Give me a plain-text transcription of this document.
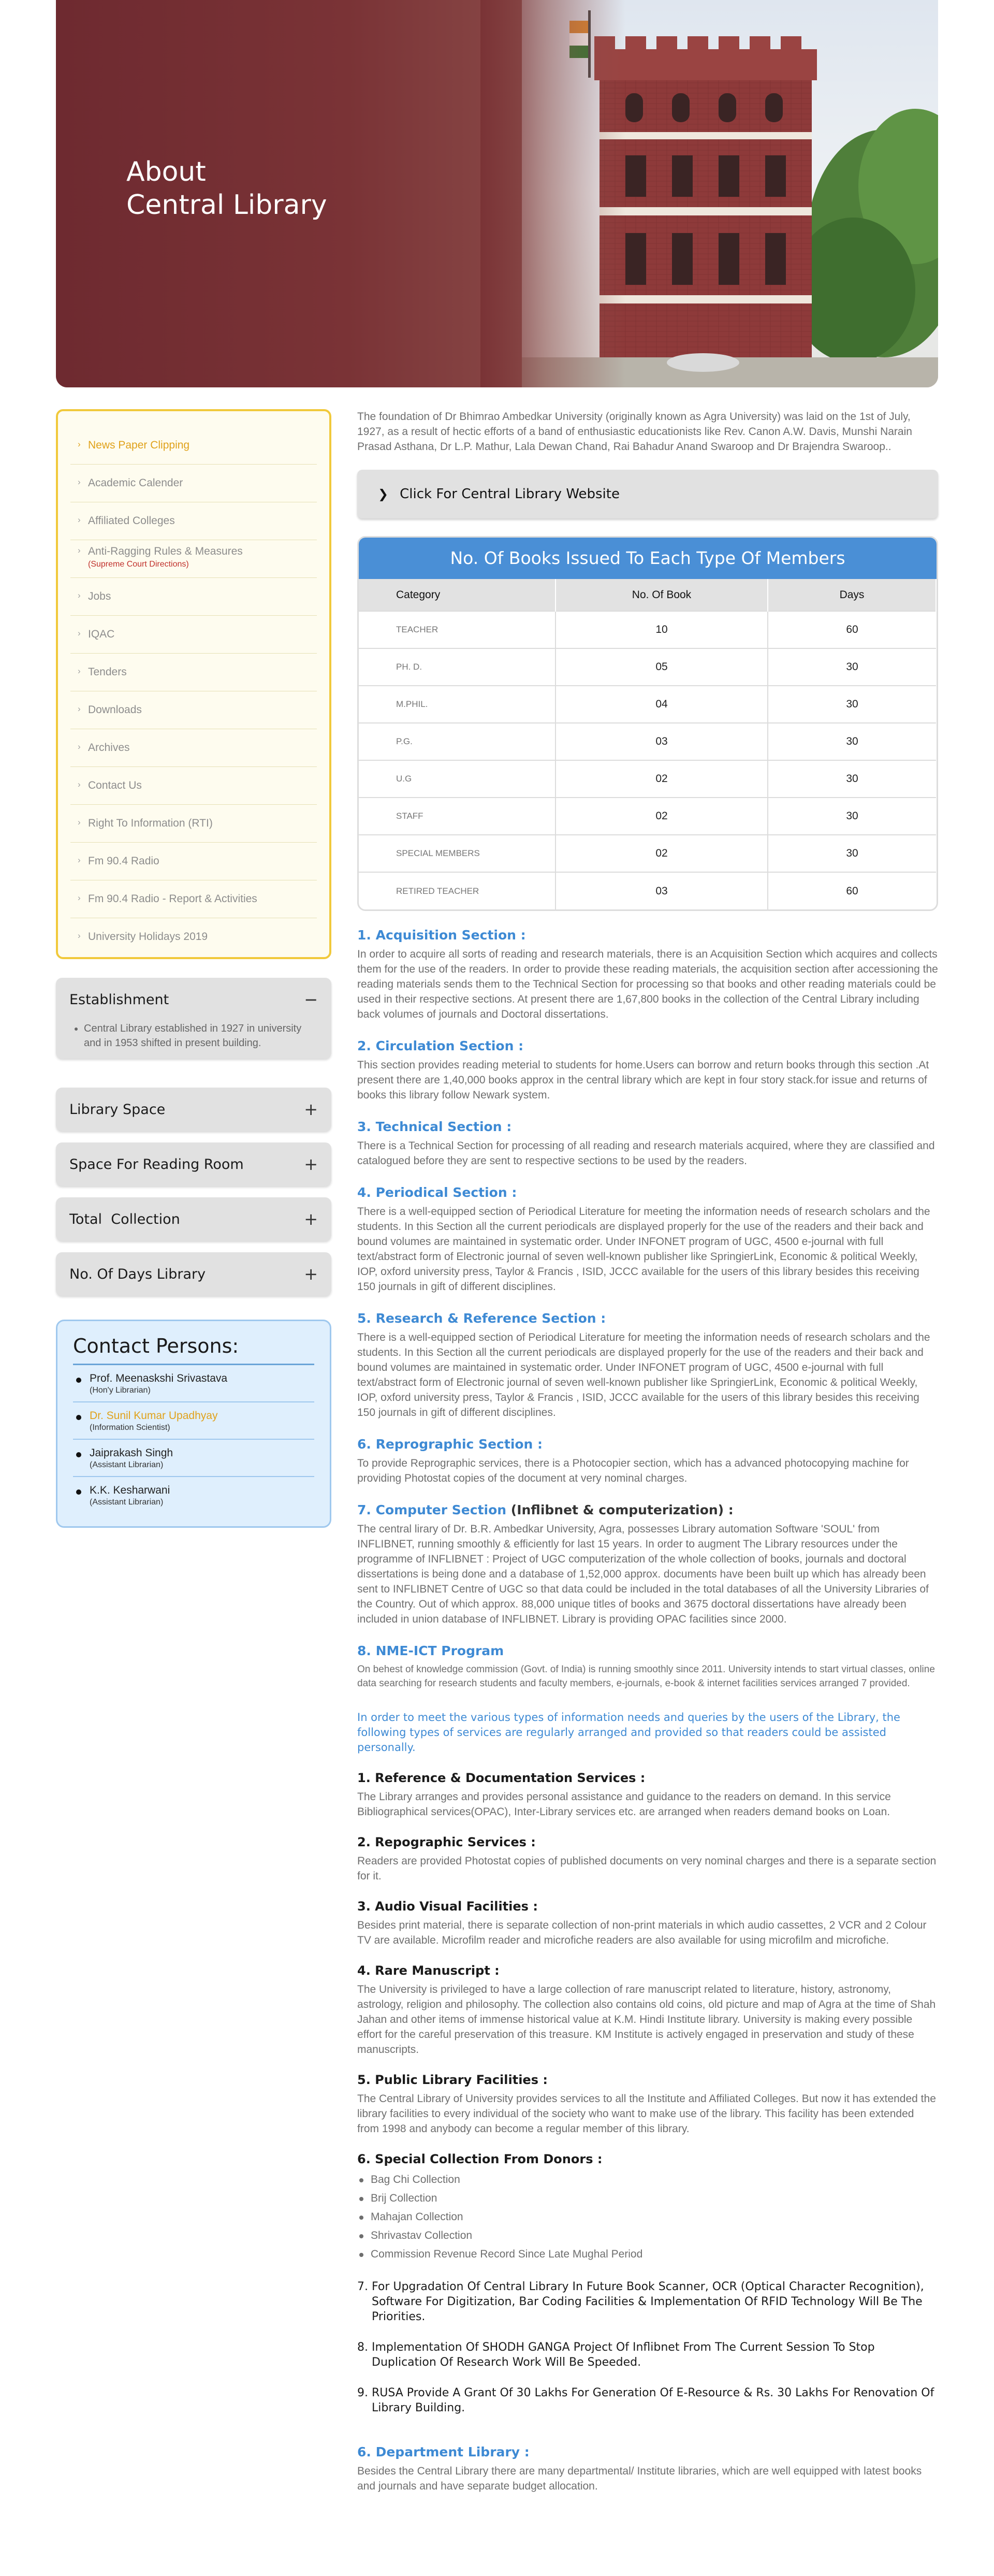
About
Central Library
› News Paper Clipping
› Academic Calender
› Affiliated Colleges
› Anti-Ragging Rules & Measures
(Supreme Court Directions)
› Jobs
› IQAC
› Tenders
› Downloads
› Archives
› Contact Us
› Right To Information (RTI)
› Fm 90.4 Radio
› Fm 90.4 Radio - Report & Activities
› University Holidays 2019
Establishment	−
• Central Library established in 1927 in university and in 1953 shifted in present building.
Library Space	+
Space For Reading Room	+
Total  Collection	+
No. Of Days Library	+
Contact Persons:
Prof. Meenaskshi Srivastava
(Hon'y Librarian)
Dr. Sunil Kumar Upadhyay
(Information Scientist)
Jaiprakash Singh
(Assistant Librarian)
K.K. Kesharwani
(Assistant Librarian)

The foundation of Dr Bhimrao Ambedkar University (originally known as Agra University) was laid on the 1st of July, 1927, as a result of hectic efforts of a band of enthusiastic educationists like Rev. Canon A.W. Davis, Munshi Narain Prasad Asthana, Dr L.P. Mathur, Lala Dewan Chand, Rai Bahadur Anand Swaroop and Dr Brajendra Swaroop..

❯ Click For Central Library Website
No. Of Books Issued To Each Type Of Members
Category	No. Of Book	Days
TEACHER	10	60
PH. D.	05	30
M.PHIL.	04	30
P.G.	03	30
U.G	02	30
STAFF	02	30
SPECIAL MEMBERS	02	30
RETIRED TEACHER	03	60
1. Acquisition Section :

In order to acquire all sorts of reading and research materials, there is an Acquisition Section which acquires and collects them for the use of the readers. In order to provide these reading materials, the acquisition section after accessioning the reading materials sends them to the Technical Section for processing so that books and other reading materials could be used in their respective sections. At present there are 1,67,800 books in the collection of the Central Library including back volumes of journals and Doctoral dissertations.

2. Circulation Section :

This section provides reading meterial to students for home.Users can borrow and return books through this section .At present there are 1,40,000 books approx in the central library which are kept in four story stack.for issue and returns of books this library follow Newark system.

3. Technical Section :

There is a Technical Section for processing of all reading and research materials acquired, where they are classified and catalogued before they are sent to respective sections to be used by the readers.

4. Periodical Section :

There is a well-equipped section of Periodical Literature for meeting the information needs of research scholars and the students. In this Section all the current periodicals are displayed properly for the use of the readers and their back and bound volumes are maintained in systematic order. Under INFONET program of UGC, 4500 e-journal with full text/abstract form of Electronic journal of seven well-known publisher like SpringierLink, Economic & political Weekly, IOP, oxford university press, Taylor & Francis , ISID, JCCC available for the users of this library besides this receiving 150 journals in gift of different disciplines.

5. Research & Reference Section :

There is a well-equipped section of Periodical Literature for meeting the information needs of research scholars and the students. In this Section all the current periodicals are displayed properly for the use of the readers and their back and bound volumes are maintained in systematic order. Under INFONET program of UGC, 4500 e-journal with full text/abstract form of Electronic journal of seven well-known publisher like SpringierLink, Economic & political Weekly, IOP, oxford university press, Taylor & Francis , ISID, JCCC available for the users of this library besides this receiving 150 journals in gift of different disciplines.

6. Reprographic Section :

To provide Reprographic services, there is a Photocopier section, which has a advanced photocopying machine for providing Photostat copies of the document at very nominal charges.

7. Computer Section (Inflibnet & computerization) :

The central lirary of Dr. B.R. Ambedkar University, Agra, possesses Library automation Software 'SOUL' from INFLIBNET, running smoothly & efficiently for last 15 years. In order to augment The Library resources under the programme of INFLIBNET : Project of UGC computerization of the whole collection of books, journals and doctoral dissertations is being done and a database of 1,52,000 approx. documents have been built up which has already been sent to INFLIBNET Centre of UGC so that data could be included in the total databases of all the University Libraries of the Country. Out of which approx. 88,000 unique titles of books and 3675 doctoral dissertations have already been included in union database of INFLIBNET. Library is providing OPAC facilities since 2000.

8. NME-ICT Program

On behest of knowledge commission (Govt. of India) is running smoothly since 2011. University intends to start virtual classes, online data searching for research students and faculty members, e-journals, e-book & internet facilities services arranged 7 provided.

In order to meet the various types of information needs and queries by the users of the Library, the following types of services are regularly arranged and provided so that readers could be assisted personally.

1. Reference & Documentation Services :

The Library arranges and provides personal assistance and guidance to the readers on demand. In this service Bibliographical services(OPAC), Inter-Library services etc. are arranged when readers demand books on Loan.

2. Repographic Services :

Readers are provided Photostat copies of published documents on very nominal charges and there is a separate section for it.

3. Audio Visual Facilities :

Besides print material, there is separate collection of non-print materials in which audio cassettes, 2 VCR and 2 Colour TV are available. Microfilm reader and microfiche readers are also available for using microfilm and microfiche.

4. Rare Manuscript :

The University is privileged to have a large collection of rare manuscript related to literature, history, astronomy, astrology, religion and philosophy. The collection also contains old coins, old picture and map of Agra at the time of Shah Jahan and other items of immense historical value at K.M. Hindi Institute library. University is making every possible effort for the careful preservation of this treasure. KM Institute is actively engaged in preservation and study of these manuscripts.

5. Public Library Facilities :

The Central Library of University provides services to all the Institute and Affiliated Colleges. But now it has extended the library facilities to every individual of the society who want to make use of the library. This facility has been extended from 1998 and anybody can become a regular member of this library.

6. Special Collection From Donors :
Bag Chi Collection
Brij Collection
Mahajan Collection
Shrivastav Collection
Commission Revenue Record Since Late Mughal Period

7. For Upgradation Of Central Library In Future Book Scanner, OCR (Optical Character Recognition), Software For Digitization, Bar Coding Facilities & Implementation Of RFID Technology Will Be The Priorities.

8. Implementation Of SHODH GANGA Project Of Inflibnet From The Current Session To Stop Duplication Of Research Work Will Be Speeded.

9. RUSA Provide A Grant Of 30 Lakhs For Generation Of E-Resource & Rs. 30 Lakhs For Renovation Of Library Building.

6. Department Library :

Besides the Central Library there are many departmental/ Institute libraries, which are well equipped with latest books and journals and have separate budget allocation.
